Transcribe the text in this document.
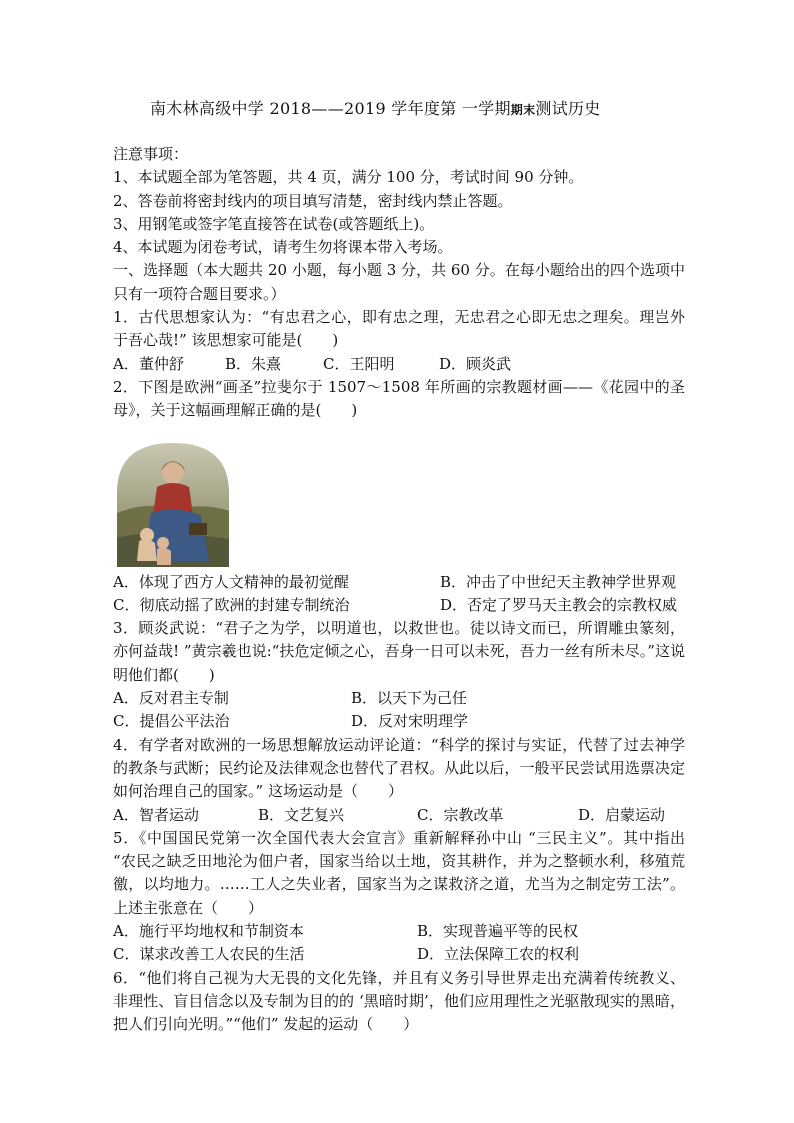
南木林高级中学 2018——2019 学年度第 一学期期末测试历史
注意事项：
1、本试题全部为笔答题，共 4 页，满分 100 分，考试时间 90 分钟。
2、答卷前将密封线内的项目填写清楚，密封线内禁止答题。
3、用钢笔或签字笔直接答在试卷(或答题纸上)。
4、本试题为闭卷考试，请考生勿将课本带入考场。
一、选择题（本大题共 20 小题，每小题 3 分，共 60 分。在每小题给出的四个选项中只有一项符合题目要求。）
1．古代思想家认为：“有忠君之心，即有忠之理，无忠君之心即无忠之理矣。理岂外于吾心哉!” 该思想家可能是(　　)
A．董仲舒	B．朱熹	C．王阳明	D．顾炎武
2．下图是欧洲“画圣”拉斐尔于 1507～1508 年所画的宗教题材画——《花园中的圣母》，关于这幅画理解正确的是(　　)
A．体现了西方人文精神的最初觉醒	B．冲击了中世纪天主教神学世界观
C．彻底动摇了欧洲的封建专制统治	D．否定了罗马天主教会的宗教权威
3．顾炎武说：“君子之为学，以明道也，以救世也。徒以诗文而已，所谓雕虫篆刻，亦何益哉! ”黄宗羲也说:“扶危定倾之心，吾身一日可以未死，吾力一丝有所未尽。”这说明他们都(　　)
A．反对君主专制	B．以天下为己任
C．提倡公平法治	D．反对宋明理学
4．有学者对欧洲的一场思想解放运动评论道：“科学的探讨与实证，代替了过去神学的教条与武断；民约论及法律观念也替代了君权。从此以后，一般平民尝试用选票决定如何治理自己的国家。” 这场运动是（　　）
A．智者运动	B．文艺复兴	C．宗教改革	D．启蒙运动
5．《中国国民党第一次全国代表大会宣言》重新解释孙中山 “三民主义”。其中指出 “农民之缺乏田地沦为佃户者，国家当给以土地，资其耕作，并为之整顿水利，移殖荒徼，以均地力。……工人之失业者，国家当为之谋救济之道，尤当为之制定劳工法”。上述主张意在（　　）
A．施行平均地权和节制资本	B．实现普遍平等的民权
C．谋求改善工人农民的生活	D．立法保障工农的权利
6．“他们将自己视为大无畏的文化先锋，并且有义务引导世界走出充满着传统教义、非理性、盲目信念以及专制为目的的 ‘黑暗时期’，他们应用理性之光驱散现实的黑暗，把人们引向光明。”“他们” 发起的运动（　　）
